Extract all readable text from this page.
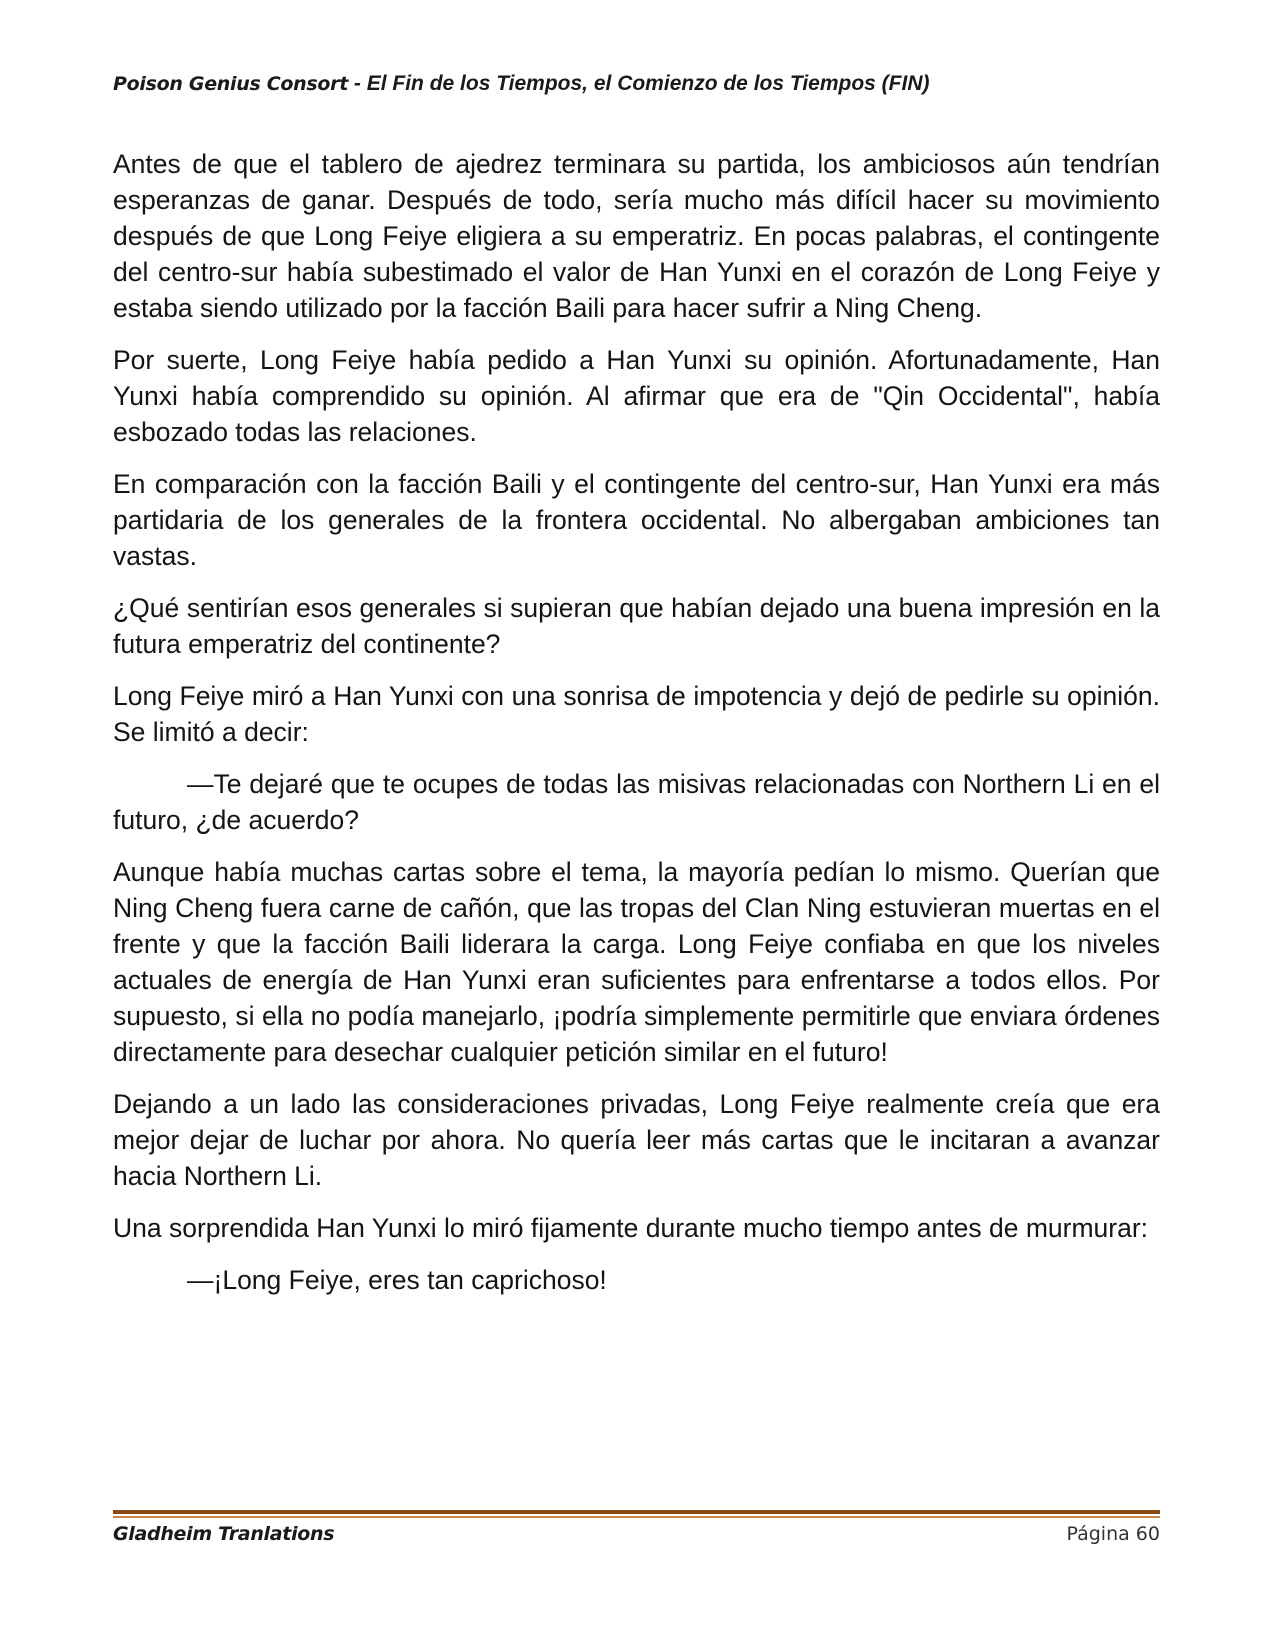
Poison Genius Consort - El Fin de los Tiempos, el Comienzo de los Tiempos (FIN)

Antes de que el tablero de ajedrez terminara su partida, los ambiciosos aún tendrían esperanzas de ganar. Después de todo, sería mucho más difícil hacer su movimiento después de que Long Feiye eligiera a su emperatriz. En pocas palabras, el contingente del centro-sur había subestimado el valor de Han Yunxi en el corazón de Long Feiye y estaba siendo utilizado por la facción Baili para hacer sufrir a Ning Cheng.

Por suerte, Long Feiye había pedido a Han Yunxi su opinión. Afortunadamente, Han Yunxi había comprendido su opinión. Al afirmar que era de "Qin Occidental", había esbozado todas las relaciones.

En comparación con la facción Baili y el contingente del centro-sur, Han Yunxi era más partidaria de los generales de la frontera occidental. No albergaban ambiciones tan vastas.

¿Qué sentirían esos generales si supieran que habían dejado una buena impresión en la futura emperatriz del continente?

Long Feiye miró a Han Yunxi con una sonrisa de impotencia y dejó de pedirle su opinión. Se limitó a decir:

—Te dejaré que te ocupes de todas las misivas relacionadas con Northern Li en el futuro, ¿de acuerdo?

Aunque había muchas cartas sobre el tema, la mayoría pedían lo mismo. Querían que Ning Cheng fuera carne de cañón, que las tropas del Clan Ning estuvieran muertas en el frente y que la facción Baili liderara la carga. Long Feiye confiaba en que los niveles actuales de energía de Han Yunxi eran suficientes para enfrentarse a todos ellos. Por supuesto, si ella no podía manejarlo, ¡podría simplemente permitirle que enviara órdenes directamente para desechar cualquier petición similar en el futuro!

Dejando a un lado las consideraciones privadas, Long Feiye realmente creía que era mejor dejar de luchar por ahora. No quería leer más cartas que le incitaran a avanzar hacia Northern Li.

Una sorprendida Han Yunxi lo miró fijamente durante mucho tiempo antes de murmurar:

—¡Long Feiye, eres tan caprichoso!

Gladheim Tranlations	Página 60
